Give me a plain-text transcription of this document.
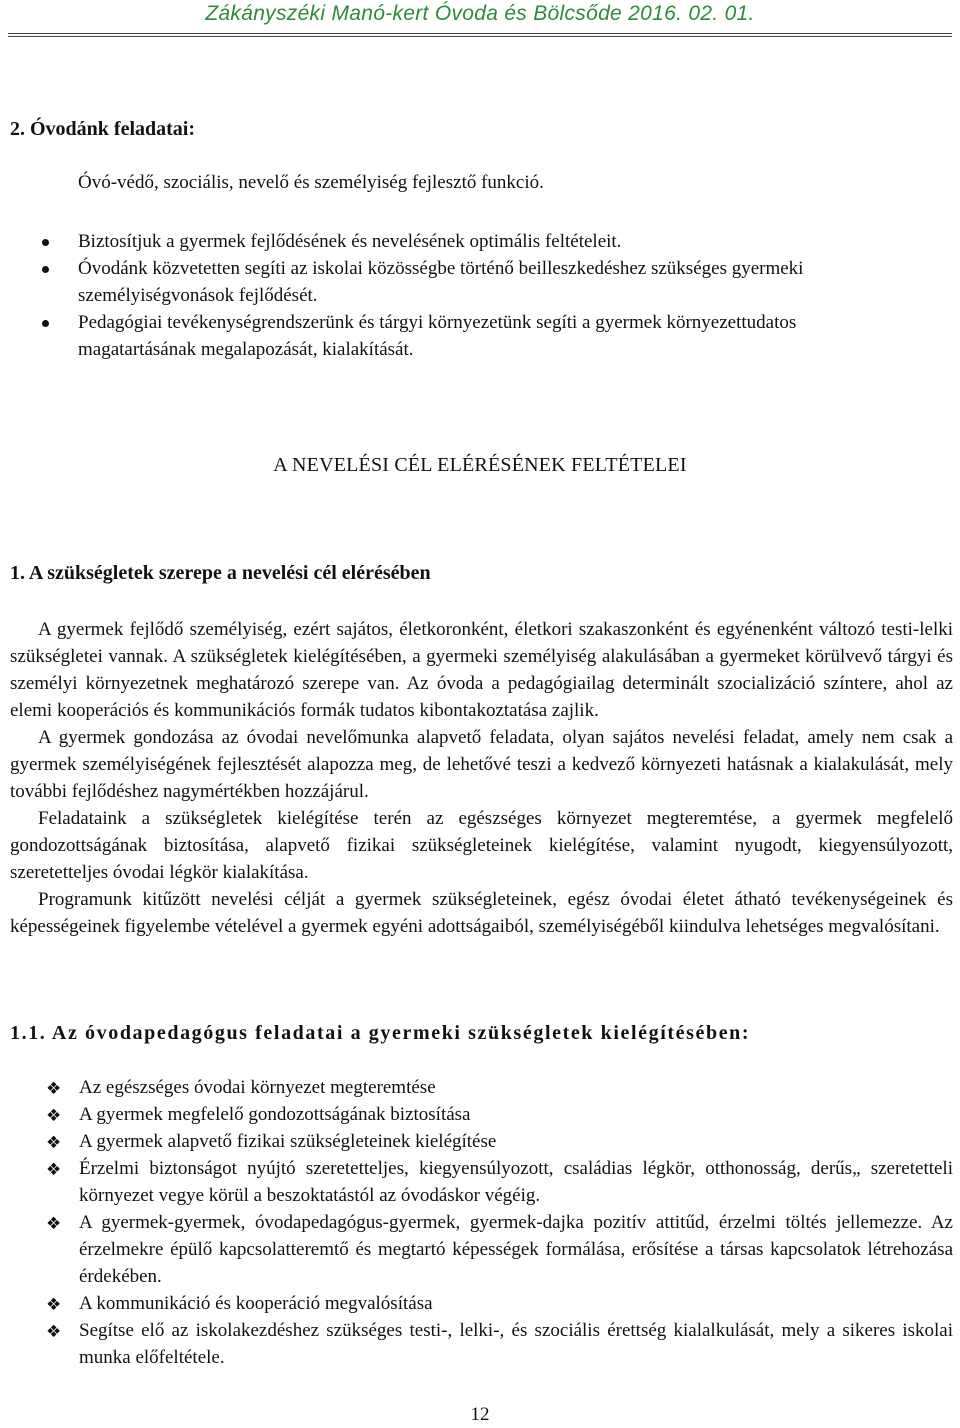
Zákányszéki Manó-kert Óvoda és Bölcsőde 2016. 02. 01.
2. Óvodánk feladatai:
Óvó-védő, szociális, nevelő és személyiség fejlesztő funkció.
Biztosítjuk a gyermek fejlődésének és nevelésének optimális feltételeit.
Óvodánk közvetetten segíti az iskolai közösségbe történő beilleszkedéshez szükséges gyermeki személyiségvonások fejlődését.
Pedagógiai tevékenységrendszerünk és tárgyi környezetünk segíti a gyermek környezettudatos magatartásának megalapozását, kialakítását.
A NEVELÉSI CÉL ELÉRÉSÉNEK FELTÉTELEI
1. A szükségletek szerepe a nevelési cél elérésében

A gyermek fejlődő személyiség, ezért sajátos, életkoronként, életkori szakaszonként és egyénenként változó testi-lelki szükségletei vannak. A szükségletek kielégítésében, a gyermeki személyiség alakulásában a gyermeket körülvevő tárgyi és személyi környezetnek meghatározó szerepe van. Az óvoda a pedagógiailag determinált szocializáció színtere, ahol az elemi kooperációs és kommunikációs formák tudatos kibontakoztatása zajlik.

A gyermek gondozása az óvodai nevelőmunka alapvető feladata, olyan sajátos nevelési feladat, amely nem csak a gyermek személyiségének fejlesztését alapozza meg, de lehetővé teszi a kedvező környezeti hatásnak a kialakulását, mely további fejlődéshez nagymértékben hozzájárul.

Feladataink a szükségletek kielégítése terén az egészséges környezet megteremtése, a gyermek megfelelő gondozottságának biztosítása, alapvető fizikai szükségleteinek kielégítése, valamint nyugodt, kiegyensúlyozott, szeretetteljes óvodai légkör kialakítása.

Programunk kitűzött nevelési célját a gyermek szükségleteinek, egész óvodai életet átható tevékenységeinek és képességeinek figyelembe vételével a gyermek egyéni adottságaiból, személyiségéből kiindulva lehetséges megvalósítani.

1.1. Az óvodapedagógus feladatai a gyermeki szükségletek kielégítésében:
❖ Az egészséges óvodai környezet megteremtése
❖ A gyermek megfelelő gondozottságának biztosítása
❖ A gyermek alapvető fizikai szükségleteinek kielégítése
❖ Érzelmi biztonságot nyújtó szeretetteljes, kiegyensúlyozott, családias légkör, otthonosság, derűs„ szeretetteli környezet vegye körül a beszoktatástól az óvodáskor végéig.
❖ A gyermek-gyermek, óvodapedagógus-gyermek, gyermek-dajka pozitív attitűd, érzelmi töltés jellemezze. Az érzelmekre épülő kapcsolatteremtő és megtartó képességek formálása, erősítése a társas kapcsolatok létrehozása érdekében.
❖ A kommunikáció és kooperáció megvalósítása
❖ Segítse elő az iskolakezdéshez szükséges testi-, lelki-, és szociális érettség kialalkulását, mely a sikeres iskolai munka előfeltétele.
12
